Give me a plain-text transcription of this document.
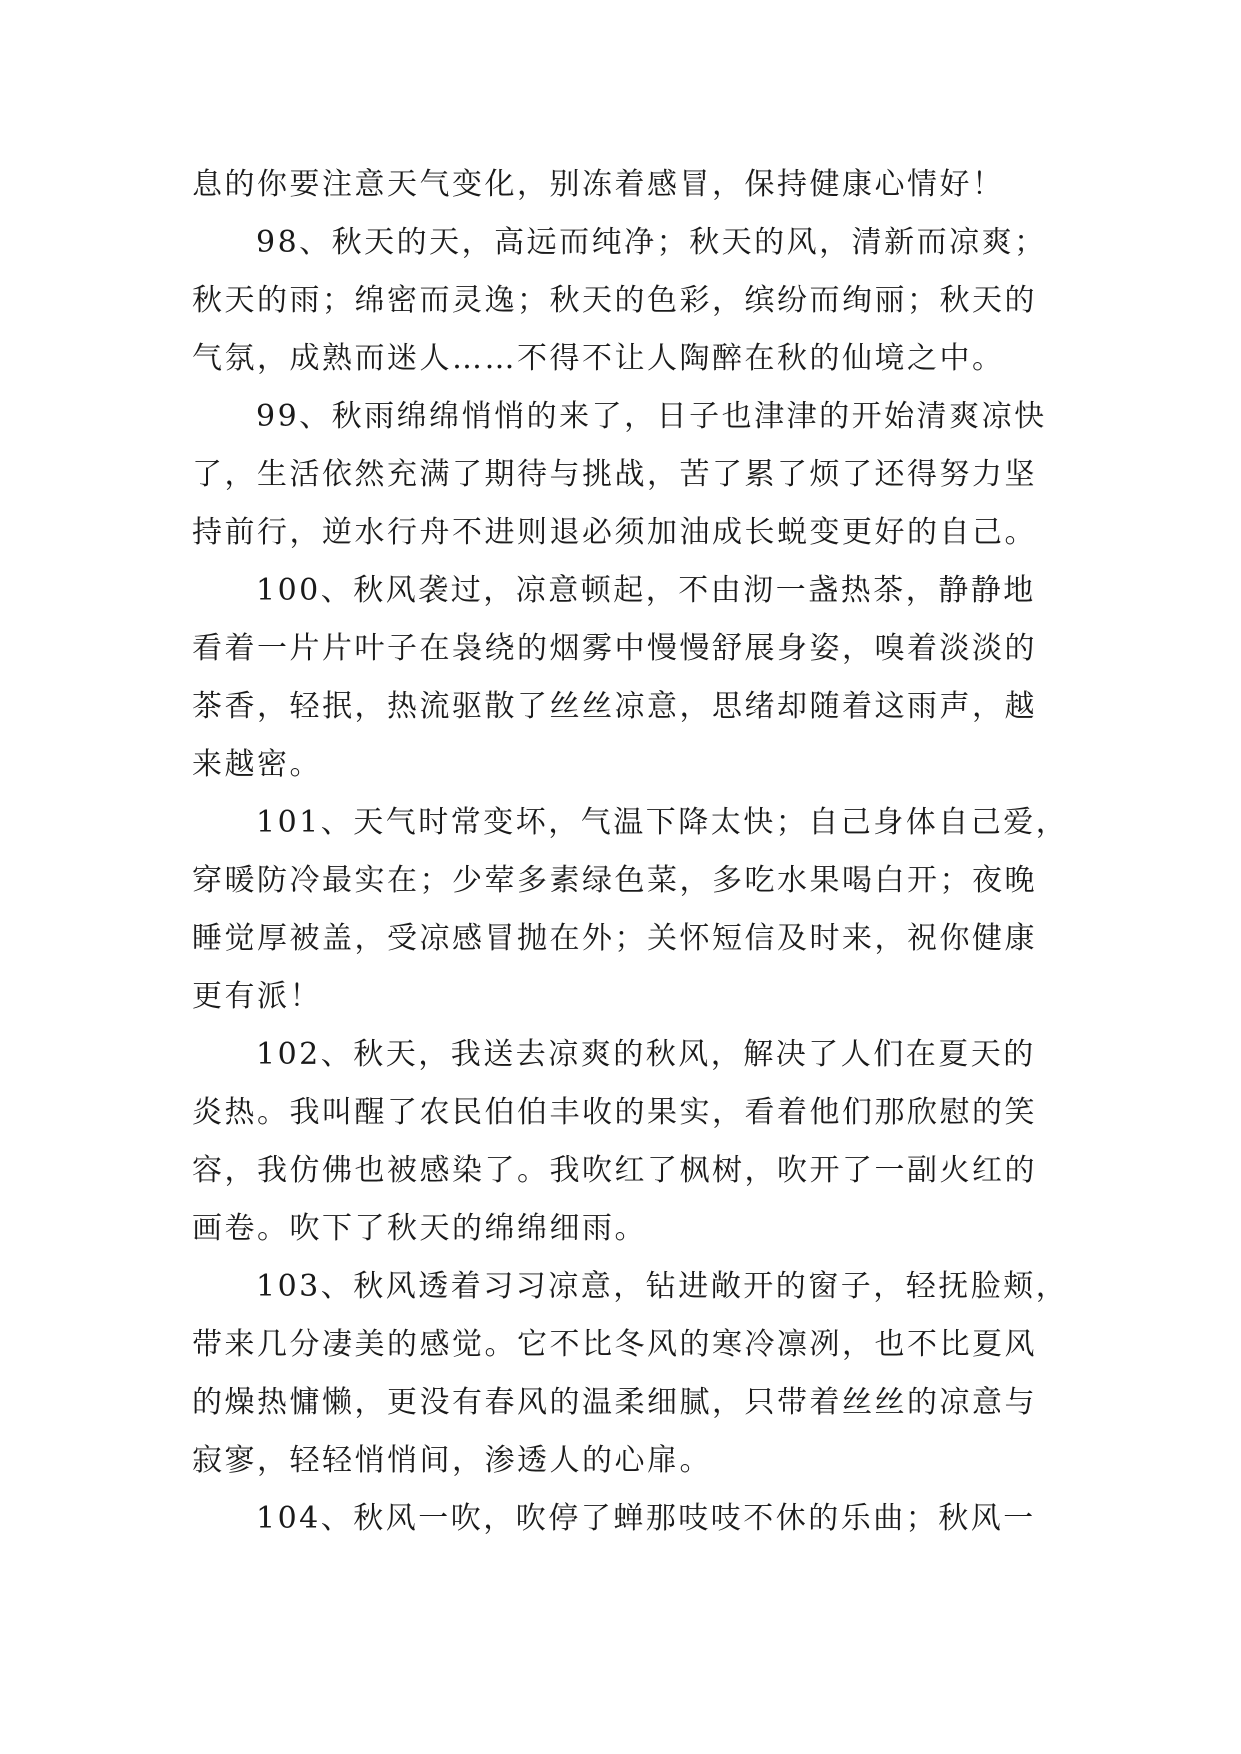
息的你要注意天气变化，别冻着感冒，保持健康心情好！
98、秋天的天，高远而纯净；秋天的风，清新而凉爽；
秋天的雨；绵密而灵逸；秋天的色彩，缤纷而绚丽；秋天的
气氛，成熟而迷人……不得不让人陶醉在秋的仙境之中。
99、秋雨绵绵悄悄的来了，日子也津津的开始清爽凉快
了，生活依然充满了期待与挑战，苦了累了烦了还得努力坚
持前行，逆水行舟不进则退必须加油成长蜕变更好的自己。
100、秋风袭过，凉意顿起，不由沏一盏热茶，静静地
看着一片片叶子在袅绕的烟雾中慢慢舒展身姿，嗅着淡淡的
茶香，轻抿，热流驱散了丝丝凉意，思绪却随着这雨声，越
来越密。
101、天气时常变坏，气温下降太快；自己身体自己爱，
穿暖防冷最实在；少荤多素绿色菜，多吃水果喝白开；夜晚
睡觉厚被盖，受凉感冒抛在外；关怀短信及时来，祝你健康
更有派！
102、秋天，我送去凉爽的秋风，解决了人们在夏天的
炎热。我叫醒了农民伯伯丰收的果实，看着他们那欣慰的笑
容，我仿佛也被感染了。我吹红了枫树，吹开了一副火红的
画卷。吹下了秋天的绵绵细雨。
103、秋风透着习习凉意，钻进敞开的窗子，轻抚脸颊，
带来几分凄美的感觉。它不比冬风的寒冷凛冽，也不比夏风
的燥热慵懒，更没有春风的温柔细腻，只带着丝丝的凉意与
寂寥，轻轻悄悄间，渗透人的心扉。
104、秋风一吹，吹停了蝉那吱吱不休的乐曲；秋风一
